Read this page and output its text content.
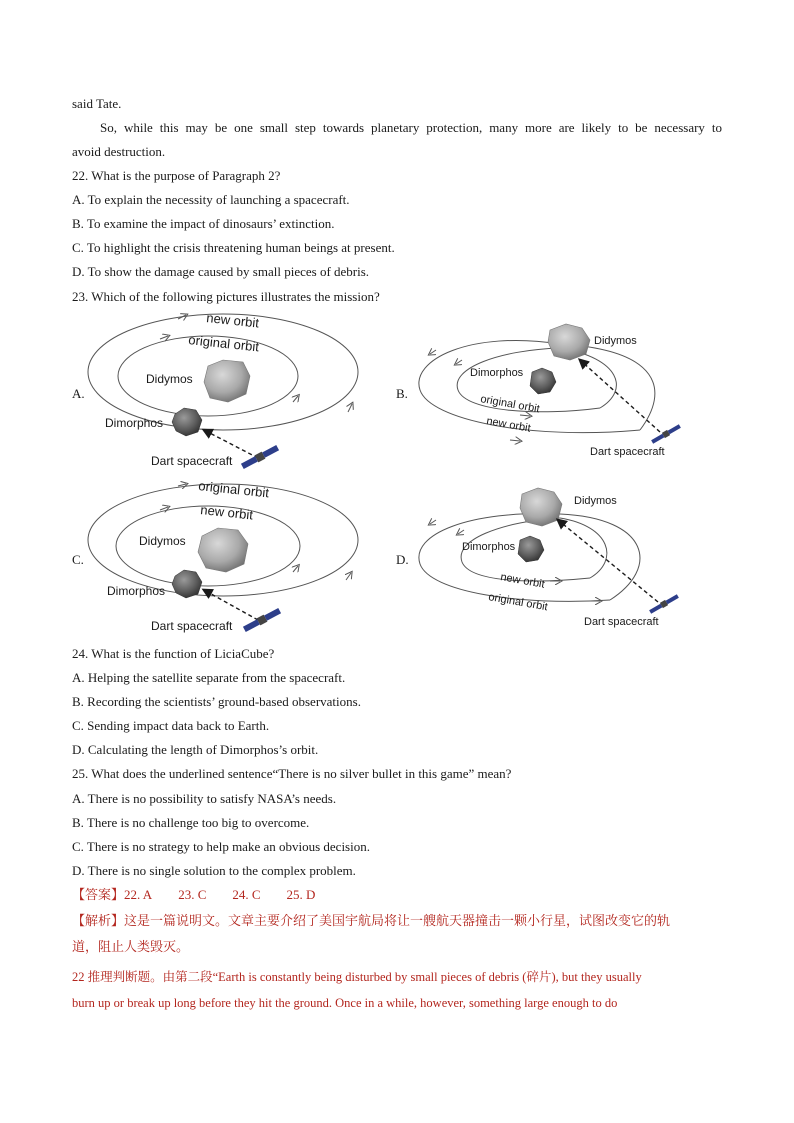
said Tate.
So, while this may be one small step towards planetary protection, many more are likely to be necessary to
avoid destruction.
22. What is the purpose of Paragraph 2?
A. To explain the necessity of launching a spacecraft.
B. To examine the impact of dinosaurs’ extinction.
C. To highlight the crisis threatening human beings at present.
D. To show the damage caused by small pieces of debris.
23. Which of the following pictures illustrates the mission?
A.	B.
C.	D.
new orbit
original orbit
Didymos
Dimorphos
Dart spacecraft
Didymos
Dimorphos
original orbit
new orbit
Dart spacecraft
original orbit
new orbit
Didymos
Dimorphos
Dart spacecraft
Didymos
Dimorphos
new orbit
original orbit
Dart spacecraft
24. What is the function of LiciaCube?
A. Helping the satellite separate from the spacecraft.
B. Recording the scientists’ ground-based observations.
C. Sending impact data back to Earth.
D. Calculating the length of Dimorphos’s orbit.
25. What does the underlined sentence“There is no silver bullet in this game” mean?
A. There is no possibility to satisfy NASA’s needs.
B. There is no challenge too big to overcome.
C. There is no strategy to help make an obvious decision.
D. There is no single solution to the complex problem.
【答案】22. A 23. C 24. C 25. D
【解析】这是一篇说明文。文章主要介绍了美国宇航局将让一艘航天器撞击一颗小行星，试图改变它的轨
道，阻止人类毁灭。
22 推理判断题。由第二段“Earth is constantly being disturbed by small pieces of debris (碎片), but they usually
burn up or break up long before they hit the ground. Once in a while, however, something large enough to do
